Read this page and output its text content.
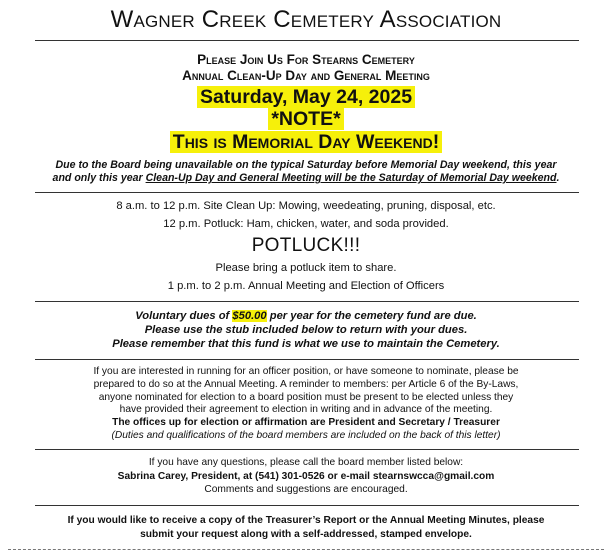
Wagner Creek Cemetery Association
Please Join Us For Stearns Cemetery
Annual Clean-Up Day and General Meeting
Saturday, May 24, 2025
*NOTE*
This is Memorial Day Weekend!
Due to the Board being unavailable on the typical Saturday before Memorial Day weekend, this year
and only this year Clean-Up Day and General Meeting will be the Saturday of Memorial Day weekend.
8 a.m. to 12 p.m. Site Clean Up: Mowing, weedeating, pruning, disposal, etc.
12 p.m. Potluck: Ham, chicken, water, and soda provided.
POTLUCK!!!
Please bring a potluck item to share.
1 p.m. to 2 p.m. Annual Meeting and Election of Officers
Voluntary dues of $50.00 per year for the cemetery fund are due.
Please use the stub included below to return with your dues.
Please remember that this fund is what we use to maintain the Cemetery.
If you are interested in running for an officer position, or have someone to nominate, please be
prepared to do so at the Annual Meeting. A reminder to members: per Article 6 of the By-Laws,
anyone nominated for election to a board position must be present to be elected unless they
have provided their agreement to election in writing and in advance of the meeting.
The offices up for election or affirmation are President and Secretary / Treasurer
(Duties and qualifications of the board members are included on the back of this letter)
If you have any questions, please call the board member listed below:
Sabrina Carey, President, at (541) 301-0526 or e-mail stearnswcca@gmail.com
Comments and suggestions are encouraged.
If you would like to receive a copy of the Treasurer’s Report or the Annual Meeting Minutes, please
submit your request along with a self-addressed, stamped envelope.
